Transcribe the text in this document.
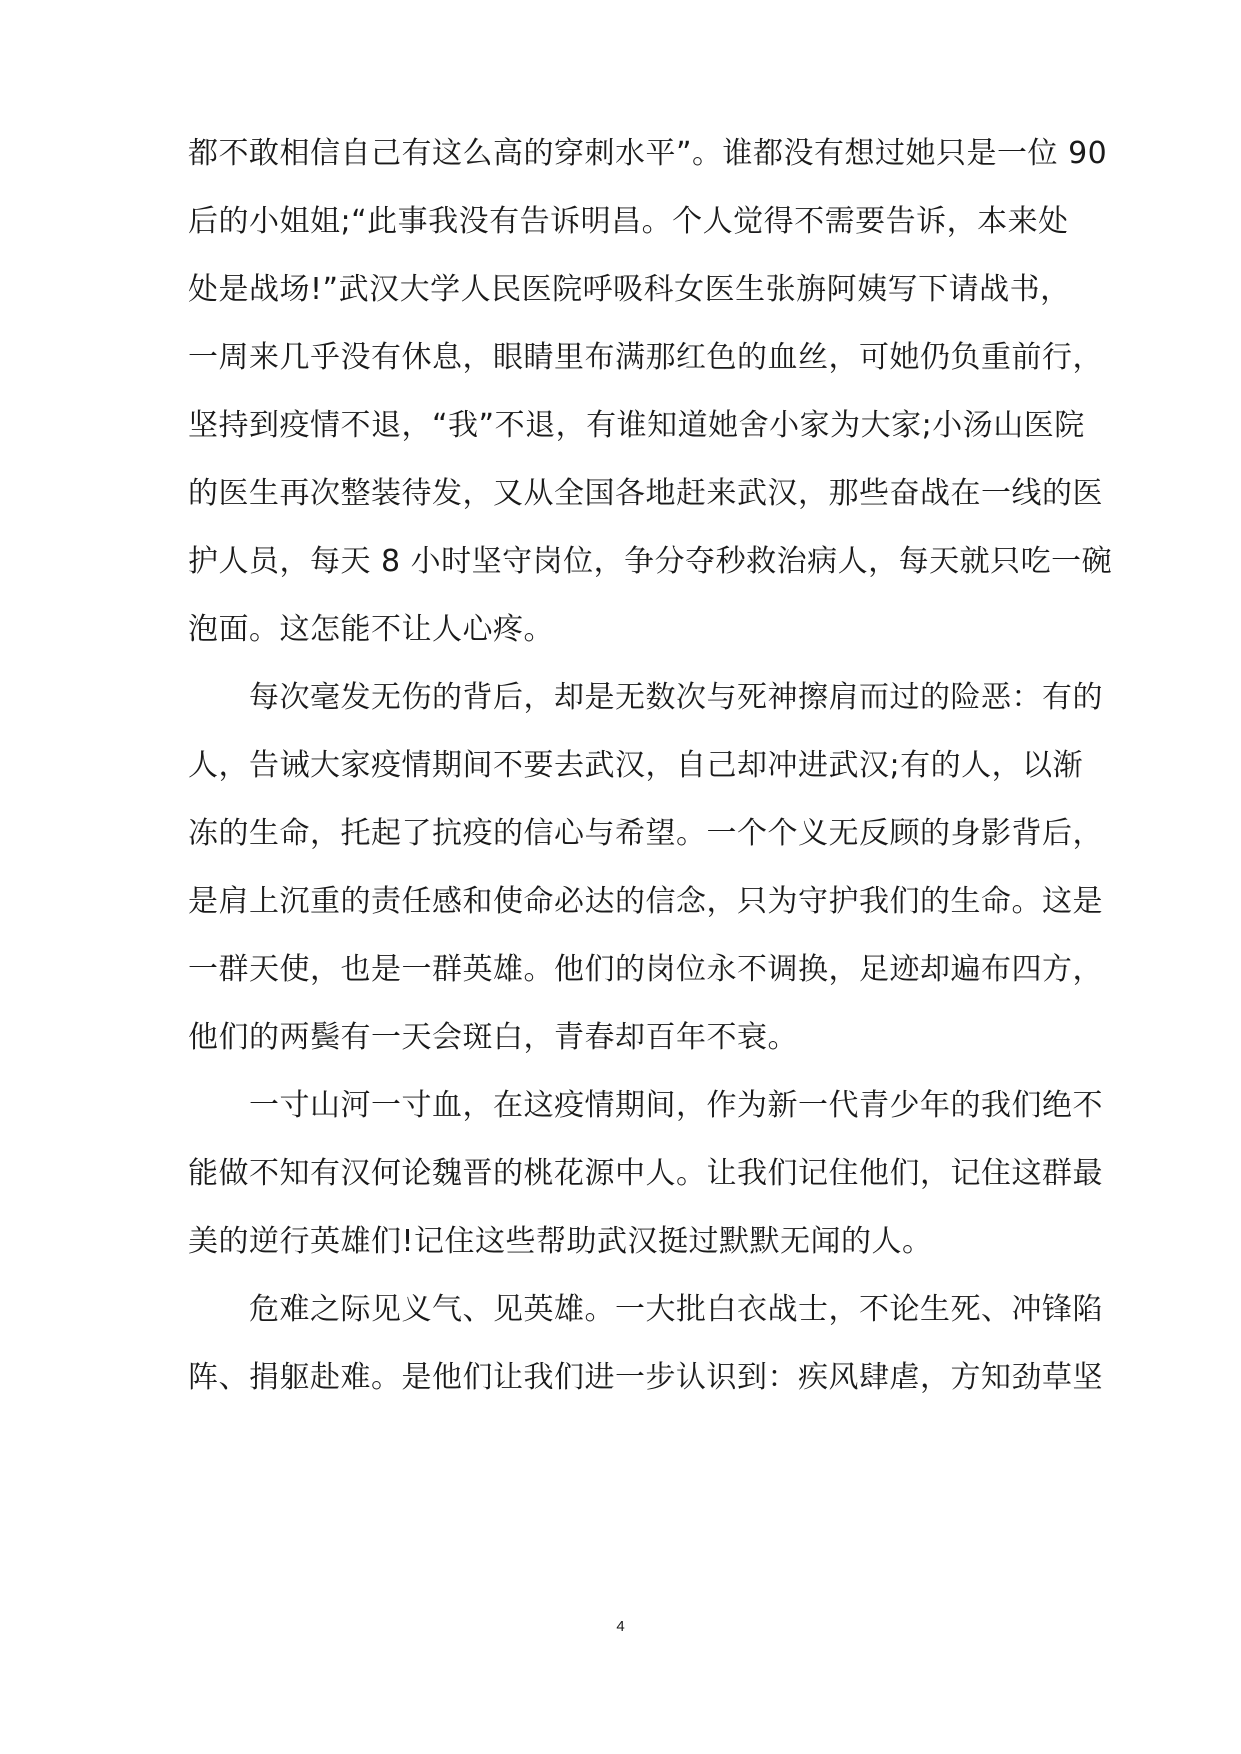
都不敢相信自己有这么高的穿刺水平”。谁都没有想过她只是一位 90
后的小姐姐;“此事我没有告诉明昌。个人觉得不需要告诉，本来处
处是战场!”武汉大学人民医院呼吸科女医生张旃阿姨写下请战书，
一周来几乎没有休息，眼睛里布满那红色的血丝，可她仍负重前行，
坚持到疫情不退，“我”不退，有谁知道她舍小家为大家;小汤山医院
的医生再次整装待发，又从全国各地赶来武汉，那些奋战在一线的医
护人员，每天 8 小时坚守岗位，争分夺秒救治病人，每天就只吃一碗
泡面。这怎能不让人心疼。
　　每次毫发无伤的背后，却是无数次与死神擦肩而过的险恶：有的
人，告诫大家疫情期间不要去武汉，自己却冲进武汉;有的人，以渐
冻的生命，托起了抗疫的信心与希望。一个个义无反顾的身影背后，
是肩上沉重的责任感和使命必达的信念，只为守护我们的生命。这是
一群天使，也是一群英雄。他们的岗位永不调换，足迹却遍布四方，
他们的两鬓有一天会斑白，青春却百年不衰。
　　一寸山河一寸血，在这疫情期间，作为新一代青少年的我们绝不
能做不知有汉何论魏晋的桃花源中人。让我们记住他们，记住这群最
美的逆行英雄们!记住这些帮助武汉挺过默默无闻的人。
　　危难之际见义气、见英雄。一大批白衣战士，不论生死、冲锋陷
阵、捐躯赴难。是他们让我们进一步认识到：疾风肆虐，方知劲草坚
4
